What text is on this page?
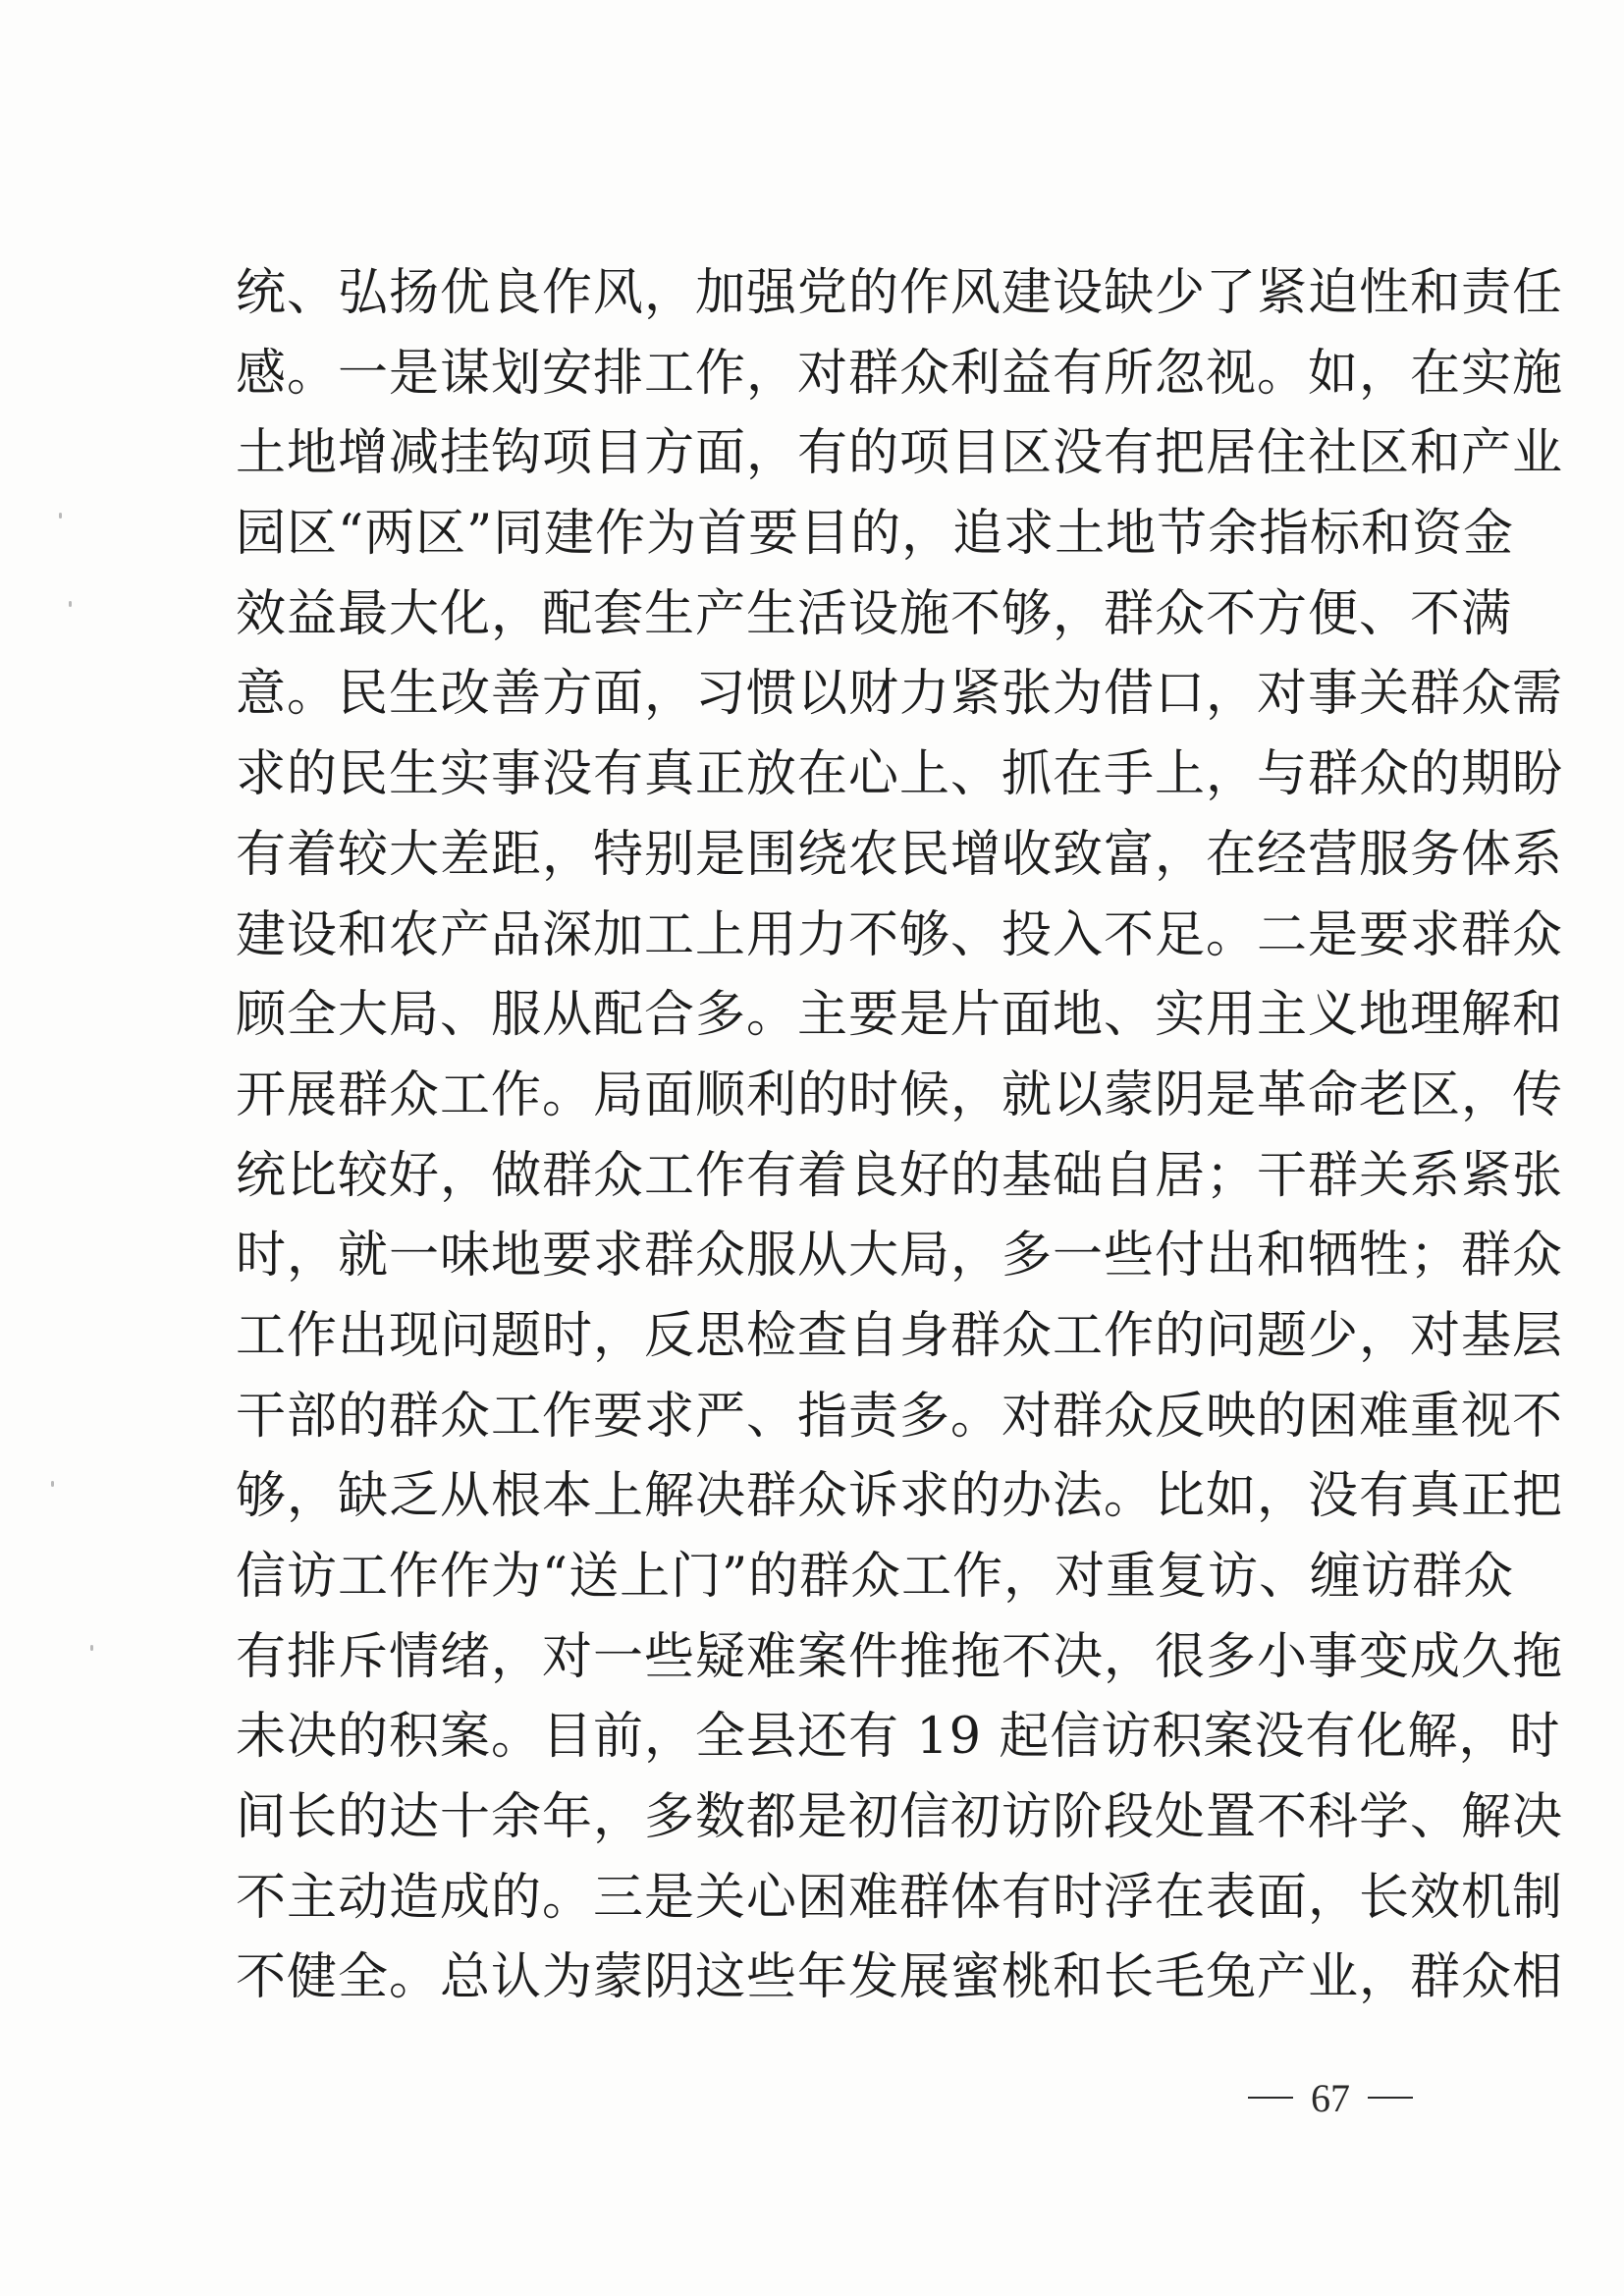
统、弘扬优良作风，加强党的作风建设缺少了紧迫性和责任
感。一是谋划安排工作，对群众利益有所忽视。如，在实施
土地增减挂钩项目方面，有的项目区没有把居住社区和产业
园区“两区”同建作为首要目的，追求土地节余指标和资金
效益最大化，配套生产生活设施不够，群众不方便、不满
意。民生改善方面，习惯以财力紧张为借口，对事关群众需
求的民生实事没有真正放在心上、抓在手上，与群众的期盼
有着较大差距，特别是围绕农民增收致富，在经营服务体系
建设和农产品深加工上用力不够、投入不足。二是要求群众
顾全大局、服从配合多。主要是片面地、实用主义地理解和
开展群众工作。局面顺利的时候，就以蒙阴是革命老区，传
统比较好，做群众工作有着良好的基础自居；干群关系紧张
时，就一味地要求群众服从大局，多一些付出和牺牲；群众
工作出现问题时，反思检查自身群众工作的问题少，对基层
干部的群众工作要求严、指责多。对群众反映的困难重视不
够，缺乏从根本上解决群众诉求的办法。比如，没有真正把
信访工作作为“送上门”的群众工作，对重复访、缠访群众
有排斥情绪，对一些疑难案件推拖不决，很多小事变成久拖
未决的积案。目前，全县还有 19 起信访积案没有化解，时
间长的达十余年，多数都是初信初访阶段处置不科学、解决
不主动造成的。三是关心困难群体有时浮在表面，长效机制
不健全。总认为蒙阴这些年发展蜜桃和长毛兔产业，群众相
67
